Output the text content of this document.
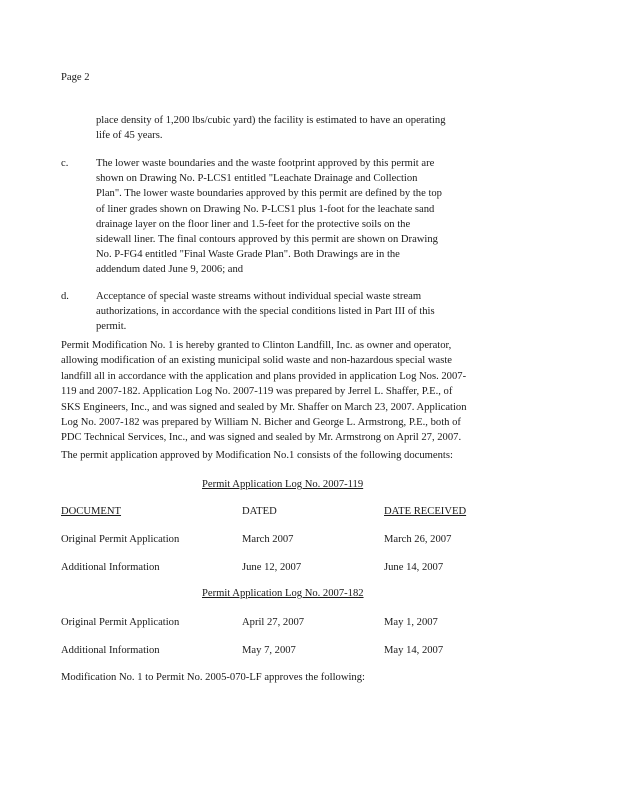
Page 2
place density of 1,200 lbs/cubic yard) the facility is estimated to have an operating
life of 45 years.
c.	The lower waste boundaries and the waste footprint approved by this permit are
shown on Drawing No. P-LCS1 entitled "Leachate Drainage and Collection
Plan". The lower waste boundaries approved by this permit are defined by the top
of liner grades shown on Drawing No. P-LCS1 plus 1-foot for the leachate sand
drainage layer on the floor liner and 1.5-feet for the protective soils on the
sidewall liner. The final contours approved by this permit are shown on Drawing
No. P-FG4 entitled "Final Waste Grade Plan". Both Drawings are in the
addendum dated June 9, 2006; and
d.	Acceptance of special waste streams without individual special waste stream
authorizations, in accordance with the special conditions listed in Part III of this
permit.
Permit Modification No. 1 is hereby granted to Clinton Landfill, Inc. as owner and operator,
allowing modification of an existing municipal solid waste and non-hazardous special waste
landfill all in accordance with the application and plans provided in application Log Nos. 2007-
119 and 2007-182. Application Log No. 2007-119 was prepared by Jerrel L. Shaffer, P.E., of
SKS Engineers, Inc., and was signed and sealed by Mr. Shaffer on March 23, 2007. Application
Log No. 2007-182 was prepared by William N. Bicher and George L. Armstrong, P.E., both of
PDC Technical Services, Inc., and was signed and sealed by Mr. Armstrong on April 27, 2007.
The permit application approved by Modification No.1 consists of the following documents:
Permit Application Log No. 2007-119
DOCUMENT	DATED	DATE RECEIVED
Original Permit Application	March 2007	March 26, 2007
Additional Information	June 12, 2007	June 14, 2007
Permit Application Log No. 2007-182
Original Permit Application	April 27, 2007	May 1, 2007
Additional Information	May 7, 2007	May 14, 2007
Modification No. 1 to Permit No. 2005-070-LF approves the following:
